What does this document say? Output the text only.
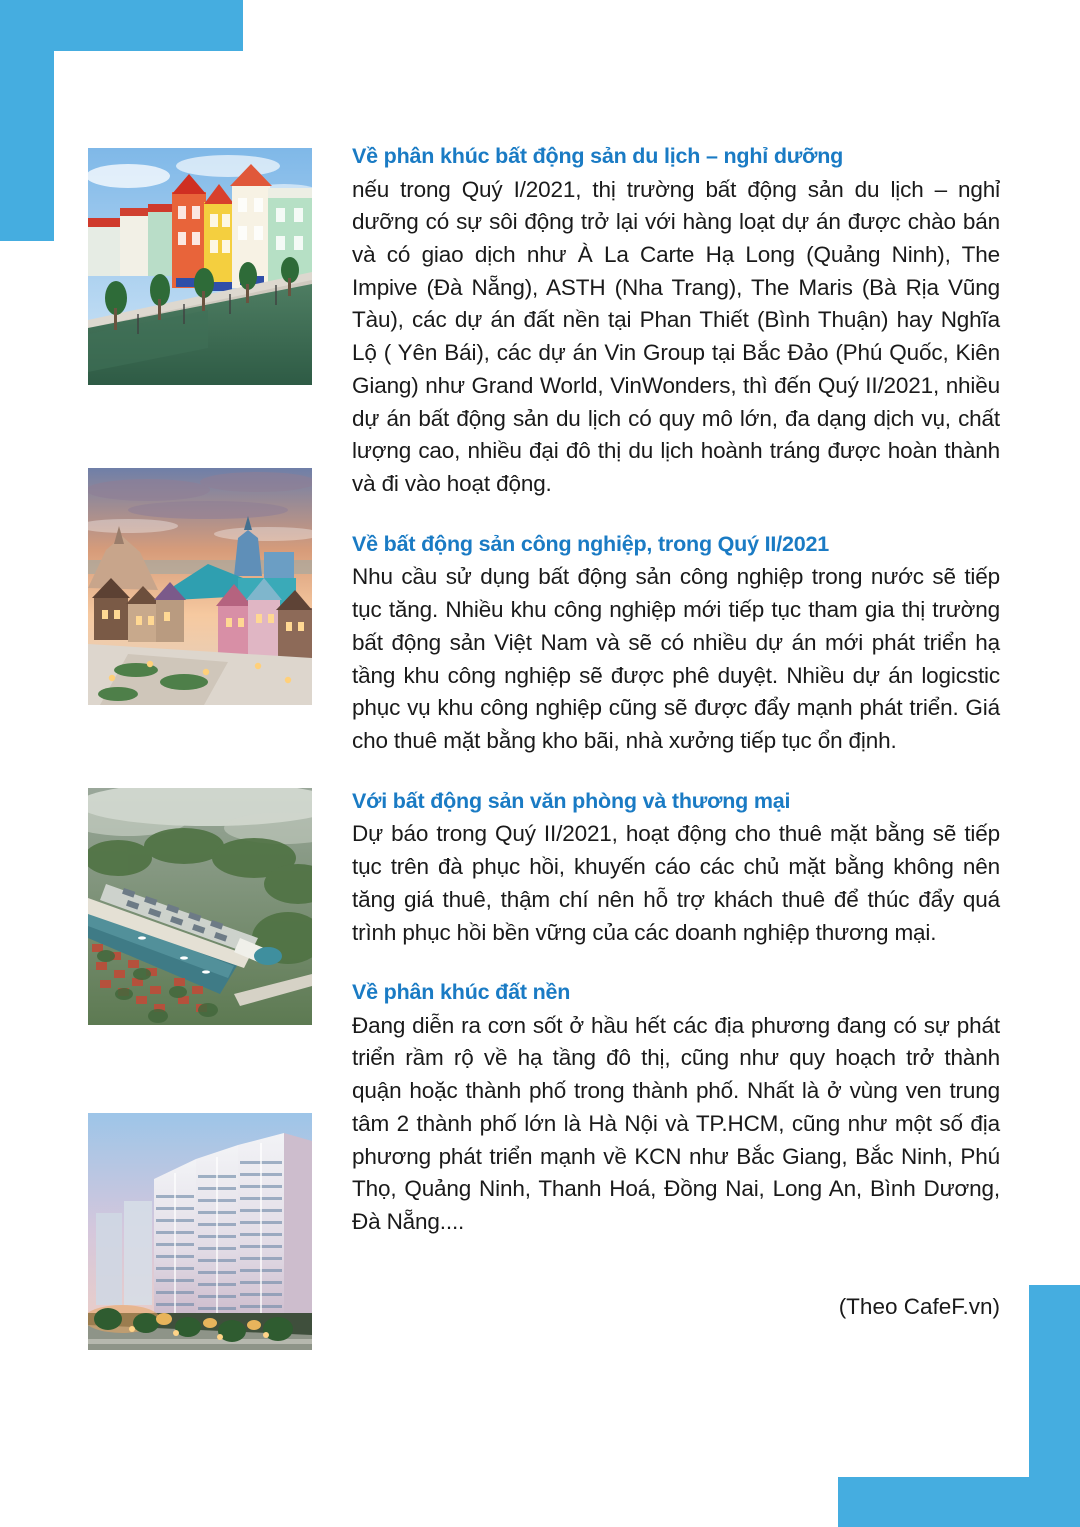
Về phân khúc bất động sản du lịch – nghỉ dưỡng

nếu trong Quý I/2021, thị trường bất động sản du lịch – nghỉ dưỡng có sự sôi động trở lại với hàng loạt dự án được chào bán và có giao dịch như À La Carte Hạ Long (Quảng Ninh), The Impive (Đà Nẵng), ASTH (Nha Trang), The Maris (Bà Rịa Vũng Tàu), các dự án đất nền tại Phan Thiết (Bình Thuận) hay Nghĩa Lộ ( Yên Bái), các dự án Vin Group tại Bắc Đảo (Phú Quốc, Kiên Giang) như Grand World, VinWonders, thì đến Quý II/2021, nhiều dự án bất động sản du lịch có quy mô lớn, đa dạng dịch vụ, chất lượng cao, nhiều đại đô thị du lịch hoành tráng được hoàn thành và đi vào hoạt động.

Về bất động sản công nghiệp, trong Quý II/2021

Nhu cầu sử dụng bất động sản công nghiệp trong nước sẽ tiếp tục tăng. Nhiều khu công nghiệp mới tiếp tục tham gia thị trường bất động sản Việt Nam và sẽ có nhiều dự án mới phát triển hạ tầng khu công nghiệp sẽ được phê duyệt. Nhiều dự án logicstic phục vụ khu công nghiệp cũng sẽ được đẩy mạnh phát triển. Giá cho thuê mặt bằng kho bãi, nhà xưởng tiếp tục ổn định.

Với bất động sản văn phòng và thương mại

Dự báo trong Quý II/2021, hoạt động cho thuê mặt bằng sẽ tiếp tục trên đà phục hồi, khuyến cáo các chủ mặt bằng không nên tăng giá thuê, thậm chí nên hỗ trợ khách thuê để thúc đẩy quá trình phục hồi bền vững của các doanh nghiệp thương mại.

Về phân khúc đất nền

Đang diễn ra cơn sốt ở hầu hết các địa phương đang có sự phát triển rầm rộ về hạ tầng đô thị, cũng như quy hoạch trở thành quận hoặc thành phố trong thành phố. Nhất là ở vùng ven trung tâm 2 thành phố lớn là Hà Nội và TP.HCM, cũng như một số địa phương phát triển mạnh về KCN như Bắc Giang, Bắc Ninh, Phú Thọ, Quảng Ninh, Thanh Hoá, Đồng Nai, Long An, Bình Dương, Đà Nẵng....

(Theo CafeF.vn)
